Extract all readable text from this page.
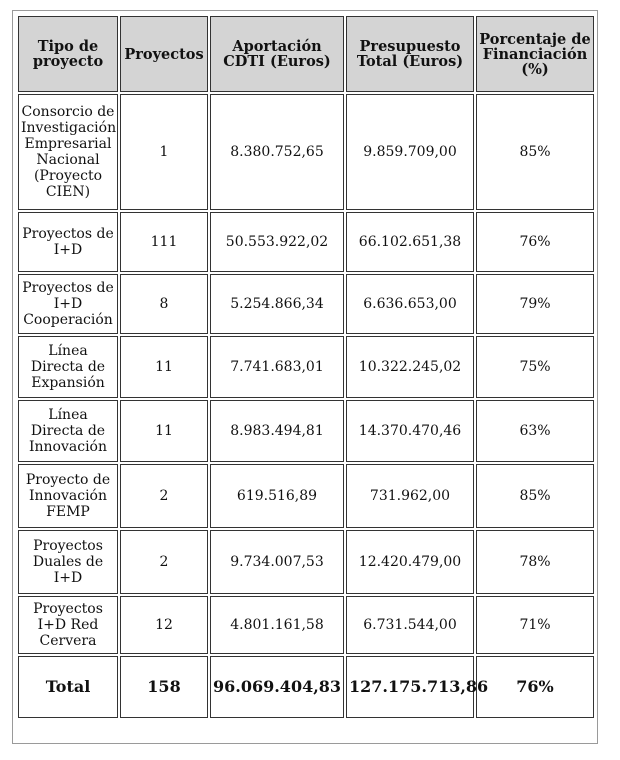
Tipo de proyecto	Proyectos	Aportación CDTI (Euros)	Presupuesto Total (Euros)	Porcentaje de Financiación (%)
Consorcio de Investigación Empresarial Nacional (Proyecto CIEN)	1	8.380.752,65	9.859.709,00	85%
Proyectos de I+D	111	50.553.922,02	66.102.651,38	76%
Proyectos de I+D Cooperación	8	5.254.866,34	6.636.653,00	79%
Línea Directa de Expansión	11	7.741.683,01	10.322.245,02	75%
Línea Directa de Innovación	11	8.983.494,81	14.370.470,46	63%
Proyecto de Innovación FEMP	2	619.516,89	731.962,00	85%
Proyectos Duales de I+D	2	9.734.007,53	12.420.479,00	78%
Proyectos I+D Red Cervera	12	4.801.161,58	6.731.544,00	71%
Total	158	96.069.404,83	127.175.713,86	76%
